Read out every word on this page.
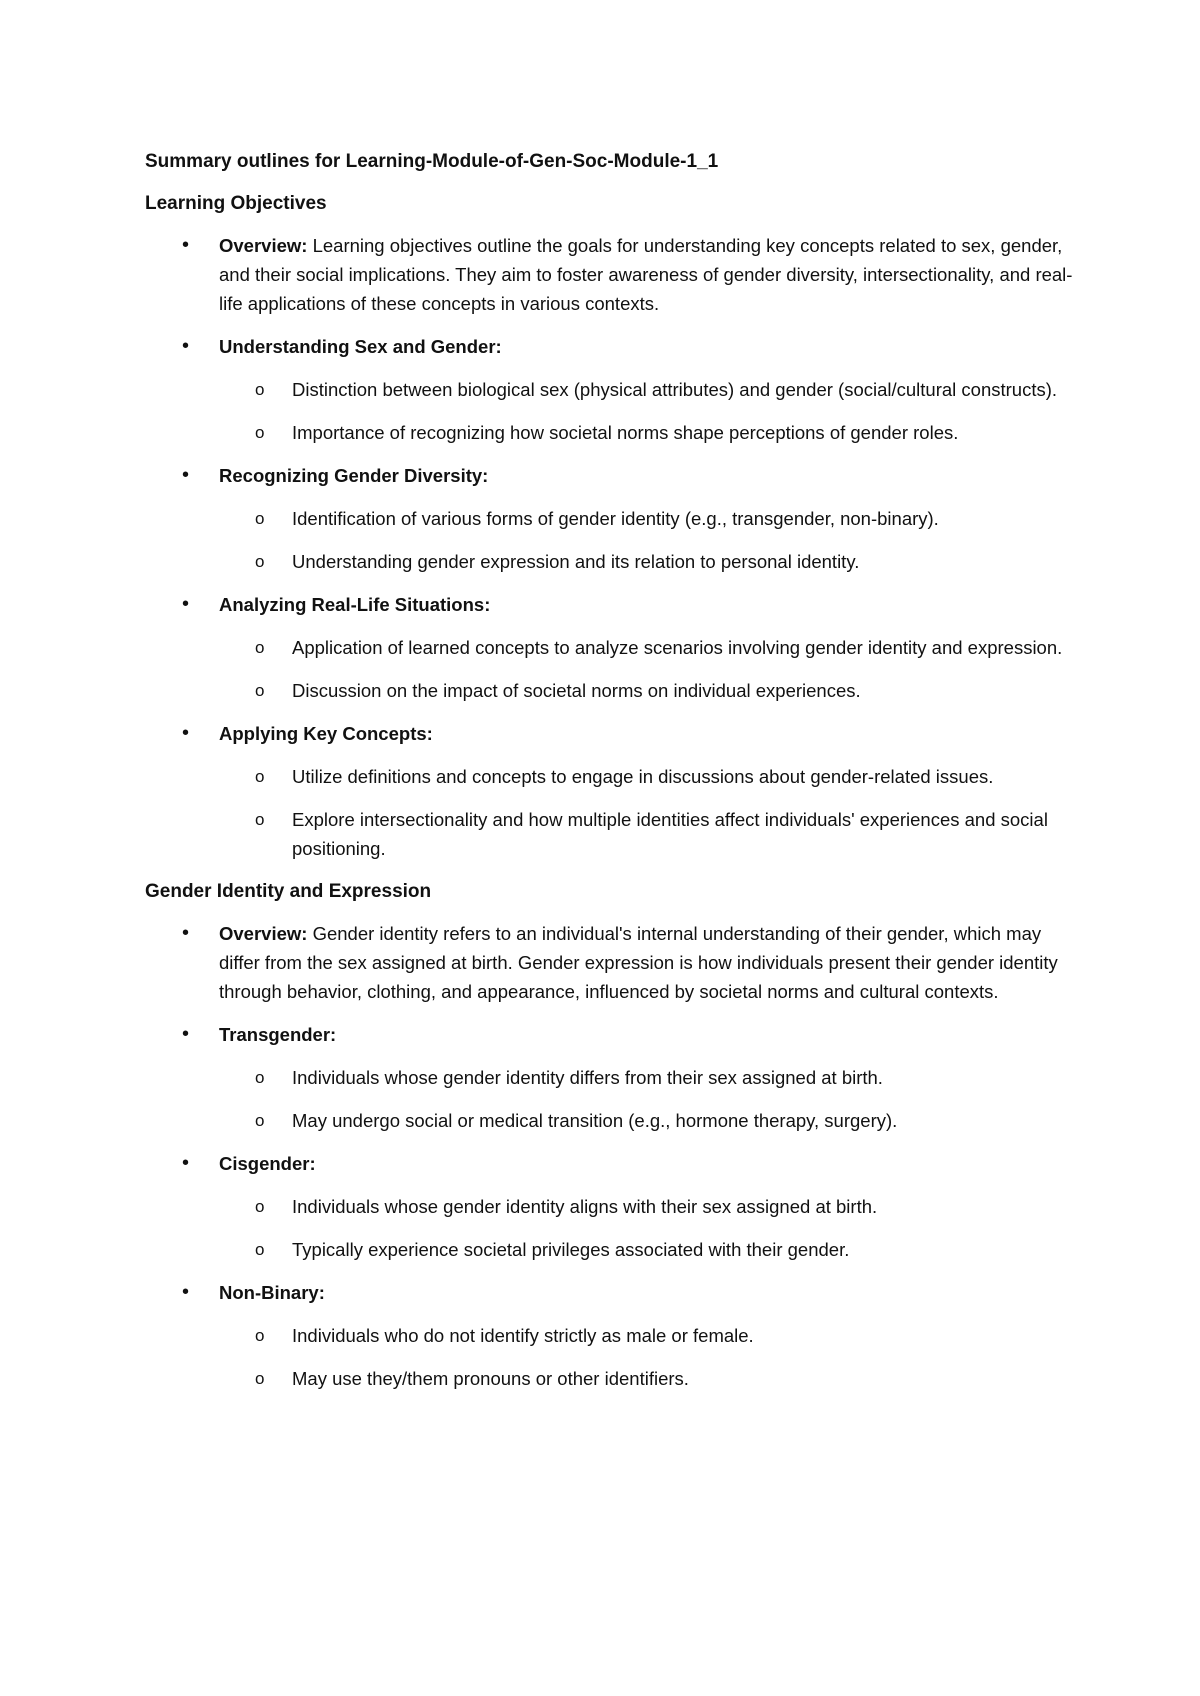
Summary outlines for Learning-Module-of-Gen-Soc-Module-1_1
Learning Objectives
• Overview: Learning objectives outline the goals for understanding key concepts related to sex, gender, and their social implications. They aim to foster awareness of gender diversity, intersectionality, and real-life applications of these concepts in various contexts.
• Understanding Sex and Gender:
o Distinction between biological sex (physical attributes) and gender (social/cultural constructs).
o Importance of recognizing how societal norms shape perceptions of gender roles.
• Recognizing Gender Diversity:
o Identification of various forms of gender identity (e.g., transgender, non-binary).
o Understanding gender expression and its relation to personal identity.
• Analyzing Real-Life Situations:
o Application of learned concepts to analyze scenarios involving gender identity and expression.
o Discussion on the impact of societal norms on individual experiences.
• Applying Key Concepts:
o Utilize definitions and concepts to engage in discussions about gender-related issues.
o Explore intersectionality and how multiple identities affect individuals' experiences and social positioning.
Gender Identity and Expression
• Overview: Gender identity refers to an individual's internal understanding of their gender, which may differ from the sex assigned at birth. Gender expression is how individuals present their gender identity through behavior, clothing, and appearance, influenced by societal norms and cultural contexts.
• Transgender:
o Individuals whose gender identity differs from their sex assigned at birth.
o May undergo social or medical transition (e.g., hormone therapy, surgery).
• Cisgender:
o Individuals whose gender identity aligns with their sex assigned at birth.
o Typically experience societal privileges associated with their gender.
• Non-Binary:
o Individuals who do not identify strictly as male or female.
o May use they/them pronouns or other identifiers.
